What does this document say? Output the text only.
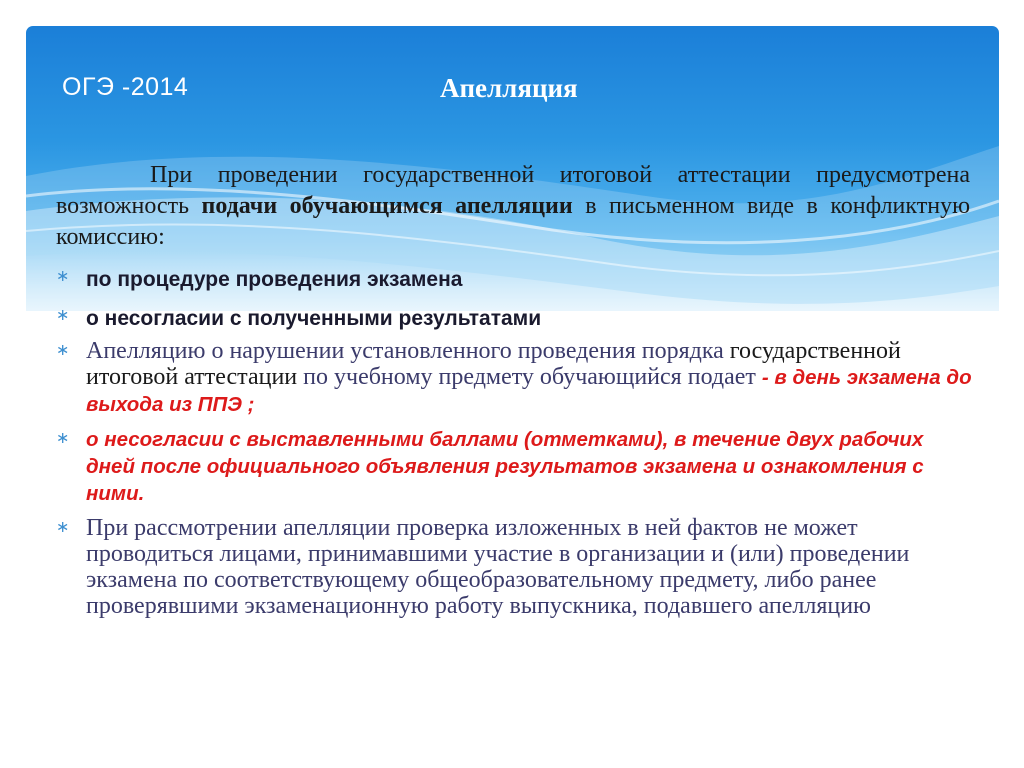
ОГЭ -2014	Апелляция

При проведении государственной итоговой аттестации предусмотрена возможность подачи обучающимся апелляции в письменном виде в конфликтную комиссию:

∗ по процедуре проведения экзамена
∗ о несогласии с полученными результатами
∗ Апелляцию о нарушении установленного проведения порядка государственной итоговой аттестации по учебному предмету обучающийся подает - в день экзамена до выхода из ППЭ ;
∗ о несогласии с выставленными баллами (отметками), в течение двух рабочих дней после официального объявления результатов экзамена и ознакомления с ними.
∗ При рассмотрении апелляции проверка изложенных в ней фактов не может проводиться лицами, принимавшими участие в организации и (или) проведении экзамена по соответствующему общеобразовательному предмету, либо ранее проверявшими экзаменационную работу выпускника, подавшего апелляцию
